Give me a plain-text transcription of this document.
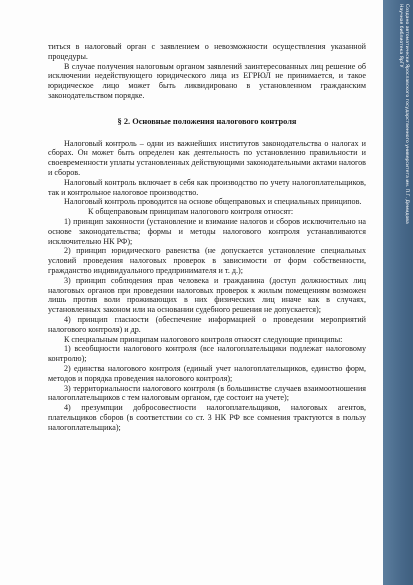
титься в налоговый орган с заявлением о невозможности осуществления указанной процедуры.

В случае получения налоговым органом заявлений заинтересованных лиц решение об исключении недействующего юридического лица из ЕГРЮЛ не принимается, и такое юридическое лицо может быть ликвидировано в установленном гражданским законодательством порядке.

§ 2. Основные положения налогового контроля

Налоговый контроль – одни из важнейших институтов законодательства о налогах и сборах. Он может быть определен как деятельность по установлению правильности и своевременности уплаты установленных действующими законодательными актами налогов и сборов.

Налоговый контроль включает в себя как производство по учету налогоплательщиков, так и контрольное налоговое производство.

Налоговый контроль проводится на основе общеправовых и специальных принципов.

К общеправовым принципам налогового контроля относят:

1) принцип законности (установление и взимание налогов и сборов исключительно на основе законодательства; формы и методы налогового контроля устанавливаются исключительно НК РФ);

2) принцип юридического равенства (не допускается установление специальных условий проведения налоговых проверок в зависимости от форм собственности, гражданство индивидуального предпринимателя и т. д.);

3) принцип соблюдения прав человека и гражданина (доступ должностных лиц налоговых органов при проведении налоговых проверок к жилым помещениям возможен лишь против воли проживающих в них физических лиц иначе как в случаях, установленных законом или на основании судебного решения не допускается);

4) принцип гласности (обеспечение информацией о проведении мероприятий налогового контроля) и др.

К специальным принципам налогового контроля относят следующие принципы:

1) всеобщности налогового контроля (все налогоплательщики подлежат налоговому контролю);

2) единства налогового контроля (единый учет налогоплательщиков, единство форм, методов и порядка проведения налогового контроля);

3) территориальности налогового контроля (в большинстве случаев взаимоотношения налогоплательщиков с тем налоговым органом, где состоит на учете);

4) презумпции добросовестности налогоплательщиков, налоговых агентов, плательщиков сборов (в соответствии со ст. 3 НК РФ все сомнения трактуются в пользу налогоплательщика);

Создано автоматически Ярославского государственного университета им. П.Г. Демидова
Научная библиотека ЯрГУ
